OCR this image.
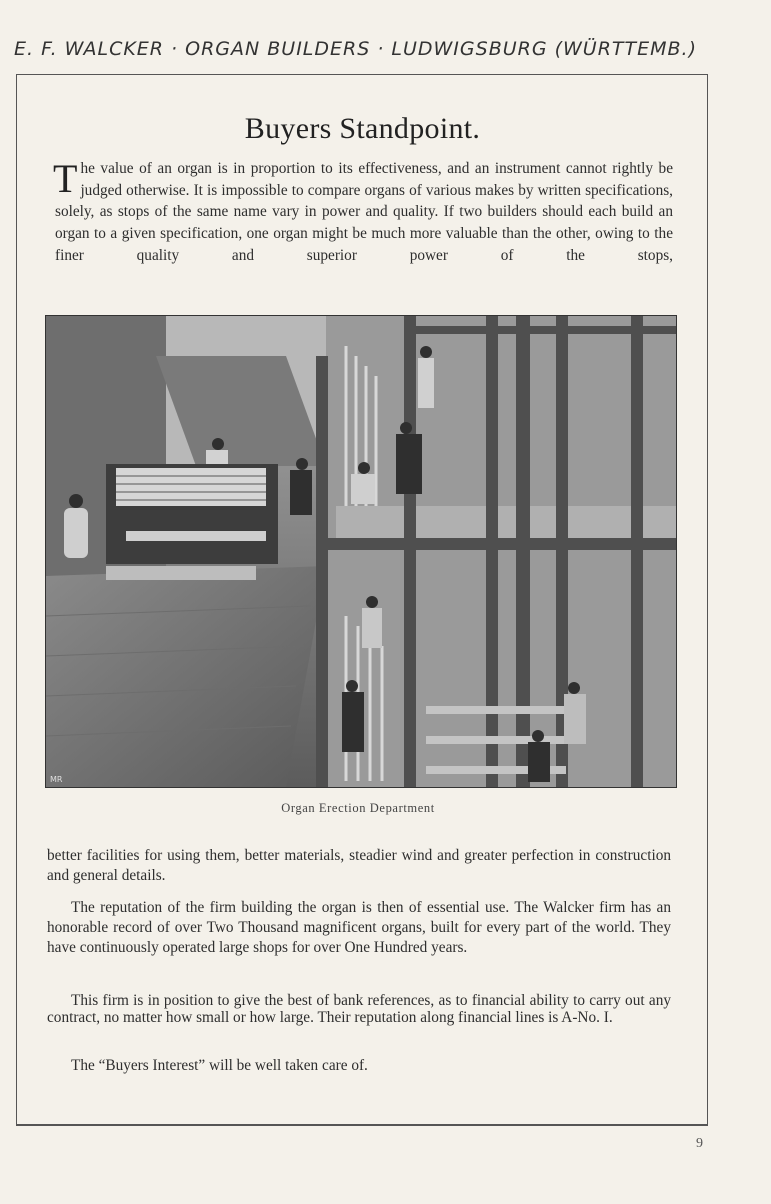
E. F. WALCKER · ORGAN BUILDERS · LUDWIGSBURG (WÜRTTEMB.)
Buyers Standpoint.
The value of an organ is in proportion to its effectiveness, and an instrument cannot rightly be judged otherwise. It is impossible to compare organs of various makes by written specifications, solely, as stops of the same name vary in power and quality. If two builders should each build an organ to a given specification, one organ might be much more valuable than the other, owing to the finer quality and superior power of the stops,
MR
Organ Erection Department
better facilities for using them, better materials, steadier wind and greater perfection in construction and general details.
The reputation of the firm building the organ is then of essential use. The Walcker firm has an honorable record of over Two Thousand magnificent organs, built for every part of the world. They have continuously operated large shops for over One Hundred years.
This firm is in position to give the best of bank references, as to financial ability to carry out any contract, no matter how small or how large. Their reputation along financial lines is A-No. I.
The “Buyers Interest” will be well taken care of.
9
